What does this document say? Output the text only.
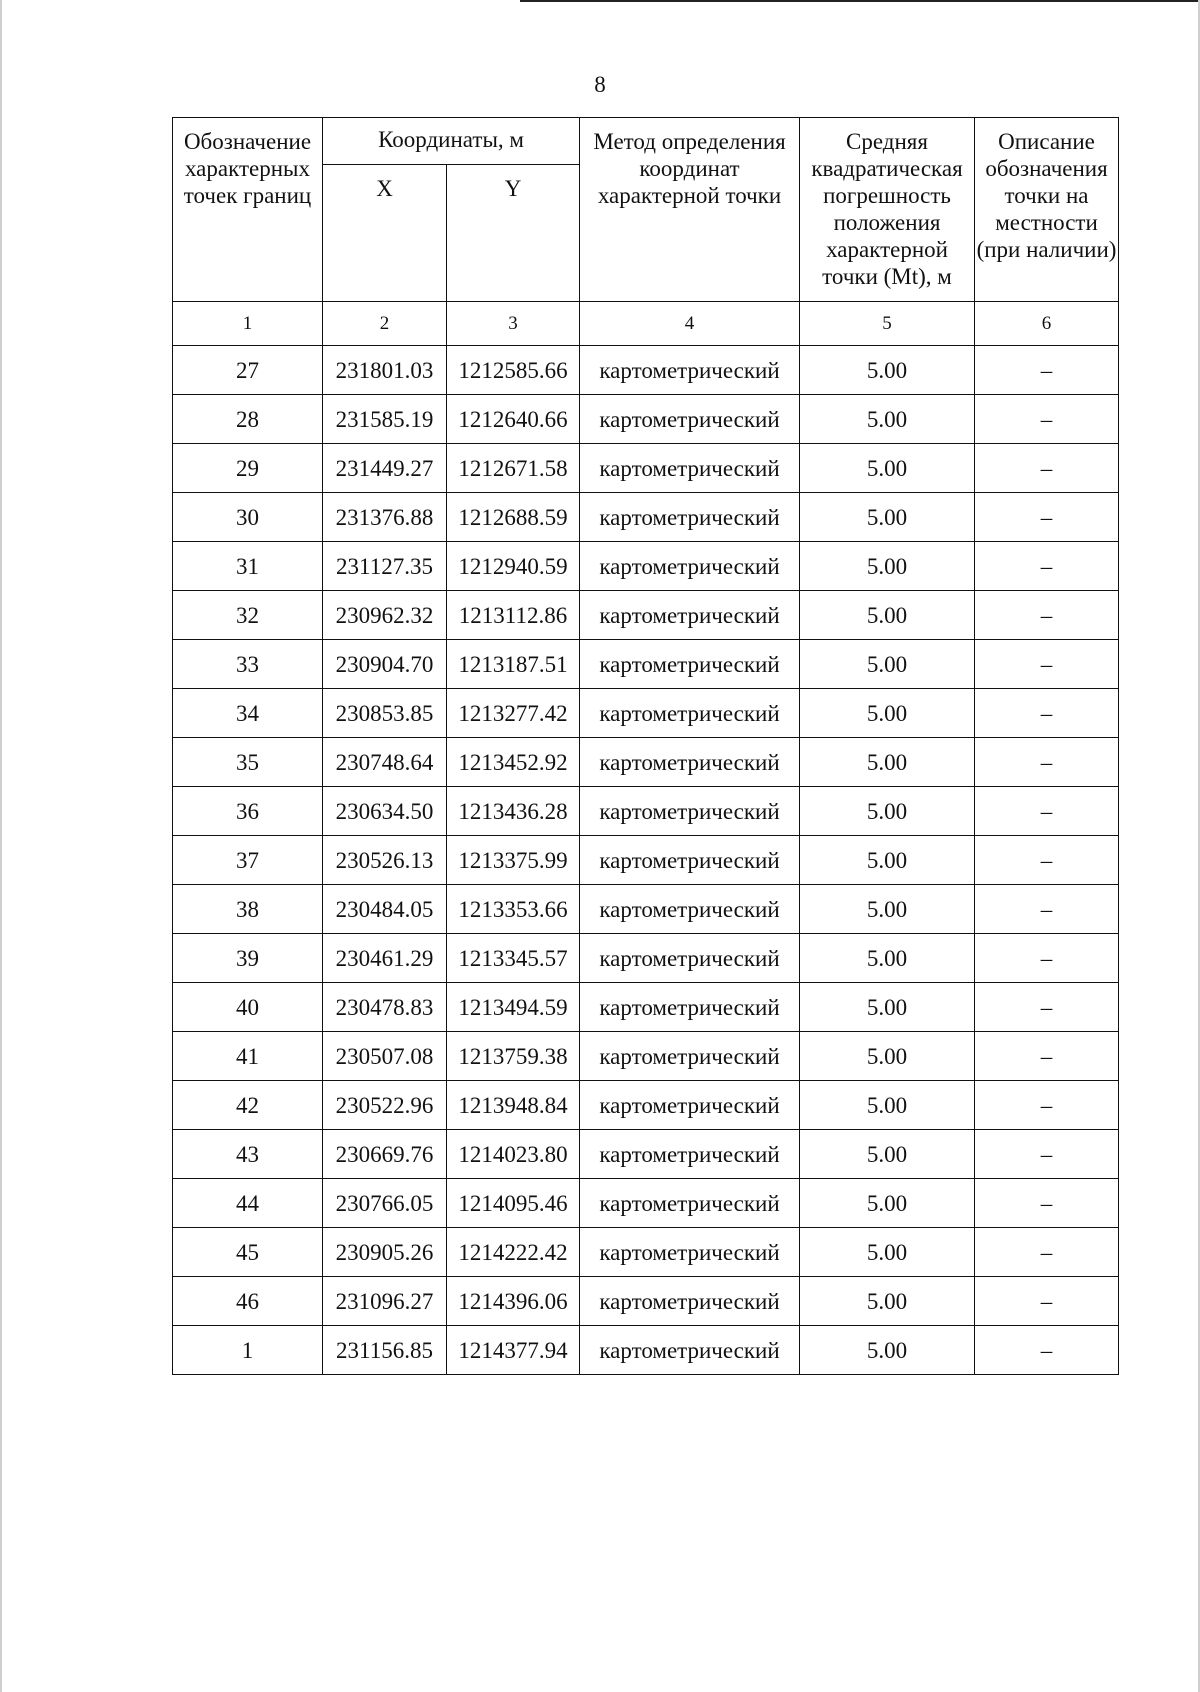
8
Обозначение характерных точек границ	Координаты, м		Метод определения координат характерной точки	Средняя квадратическая погрешность положения характерной точки (Mt), м	Описание обозначения точки на местности (при наличии)
	X	Y			
1	2	3	4	5	6
27	231801.03	1212585.66	картометрический	5.00	–
28	231585.19	1212640.66	картометрический	5.00	–
29	231449.27	1212671.58	картометрический	5.00	–
30	231376.88	1212688.59	картометрический	5.00	–
31	231127.35	1212940.59	картометрический	5.00	–
32	230962.32	1213112.86	картометрический	5.00	–
33	230904.70	1213187.51	картометрический	5.00	–
34	230853.85	1213277.42	картометрический	5.00	–
35	230748.64	1213452.92	картометрический	5.00	–
36	230634.50	1213436.28	картометрический	5.00	–
37	230526.13	1213375.99	картометрический	5.00	–
38	230484.05	1213353.66	картометрический	5.00	–
39	230461.29	1213345.57	картометрический	5.00	–
40	230478.83	1213494.59	картометрический	5.00	–
41	230507.08	1213759.38	картометрический	5.00	–
42	230522.96	1213948.84	картометрический	5.00	–
43	230669.76	1214023.80	картометрический	5.00	–
44	230766.05	1214095.46	картометрический	5.00	–
45	230905.26	1214222.42	картометрический	5.00	–
46	231096.27	1214396.06	картометрический	5.00	–
1	231156.85	1214377.94	картометрический	5.00	–
